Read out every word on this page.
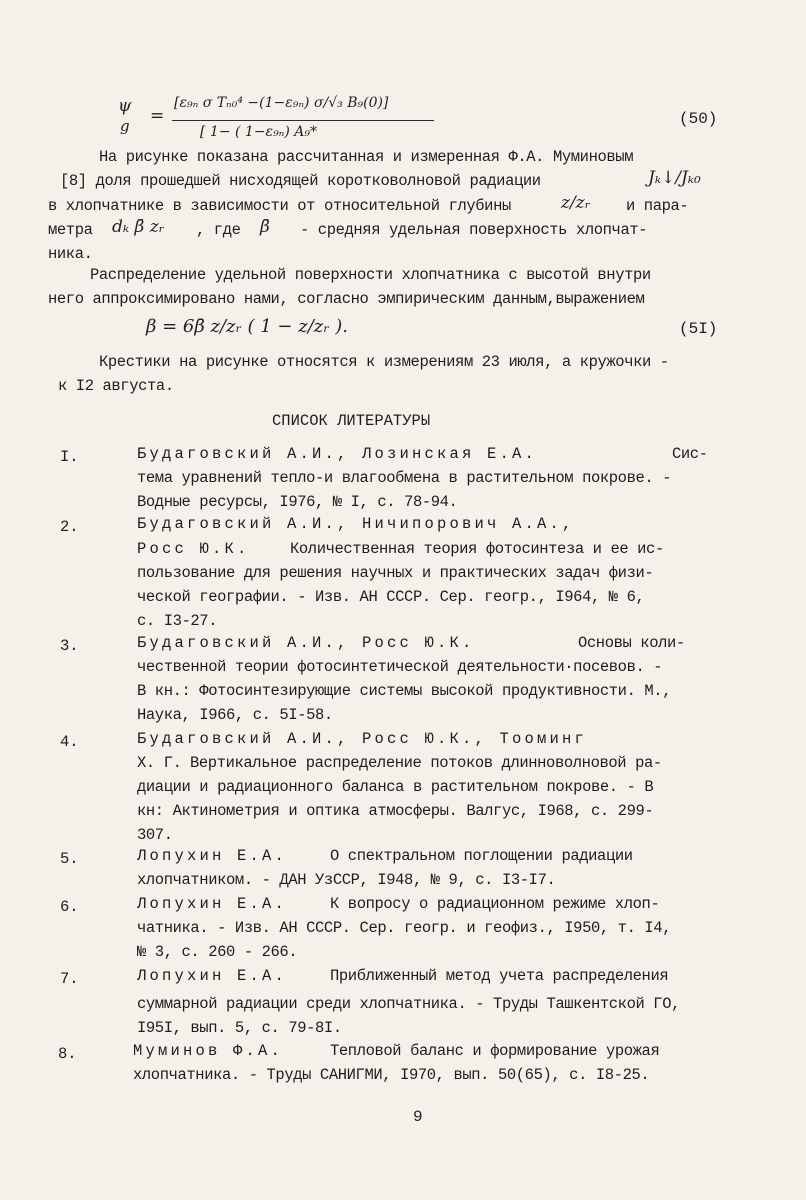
ψ
g =
[ε₉ₙ σ Tₙ₀⁴ −(1−ε₉ₙ) σ/√₃ B₉(0)]
[ 1− ( 1−ε₉ₙ) A₉*
(50)
На рисунке показана рассчитанная и измеренная Ф.А. Муминовым
[8] доля прошедшей нисходящей коротковолновой радиации	Jₖ↓/Jₖ₀
в хлопчатнике в зависимости от относительной глубины	z/zᵣ и пара-
метра dₖ β̄ zᵣ , где β̄ - средняя удельная поверхность хлопчат-
ника.
Распределение удельной поверхности хлопчатника с высотой внутри
него аппроксимировано нами, согласно эмпирическим данным,выражением
β = 6β̄ z/zᵣ ( 1 − z/zᵣ ).	(5I)
Крестики на рисунке относятся к измерениям 23 июля, а кружочки -
к I2 августа.
СПИСОК ЛИТЕРАТУРЫ
I.	Будаговский А.И., Лозинская Е.А.	Сис-
тема уравнений тепло-и влагообмена в растительном покрове. -
Водные ресурсы, I976, № I, с. 78-94.
2.	Будаговский А.И., Ничипорович А.А.,
Росс Ю.К.	Количественная теория фотосинтеза и ее ис-
пользование для решения научных и практических задач физи-
ческой географии. - Изв. АН СССР. Сер. геогр., I964, № 6,
с. I3-27.
3.	Будаговский А.И., Росс Ю.К.	Основы коли-
чественной теории фотосинтетической деятельности·посевов. -
В кн.: Фотосинтезирующие системы высокой продуктивности. М.,
Наука, I966, с. 5I-58.
4.	Будаговский А.И., Росс Ю.К., Тооминг
Х. Г. Вертикальное распределение потоков длинноволновой ра-
диации и радиационного баланса в растительном покрове. - В
кн: Актинометрия и оптика атмосферы. Валгус, I968, с. 299-
307.
5.	Лопухин Е.А.	О спектральном поглощении радиации
хлопчатником. - ДАН УзССР, I948, № 9, с. I3-I7.
6.	Лопухин Е.А.	К вопросу о радиационном режиме хлоп-
чатника. - Изв. АН СССР. Сер. геогр. и геофиз., I950, т. I4,
№ 3, с. 260 - 266.
7.	Лопухин Е.А.	Приближенный метод учета распределения
суммарной радиации среди хлопчатника. - Труды Ташкентской ГО,
I95I, вып. 5, с. 79-8I.
8.	Муминов Ф.А.	Тепловой баланс и формирование урожая
хлопчатника. - Труды САНИГМИ, I970, вып. 50(65), с. I8-25.
9
